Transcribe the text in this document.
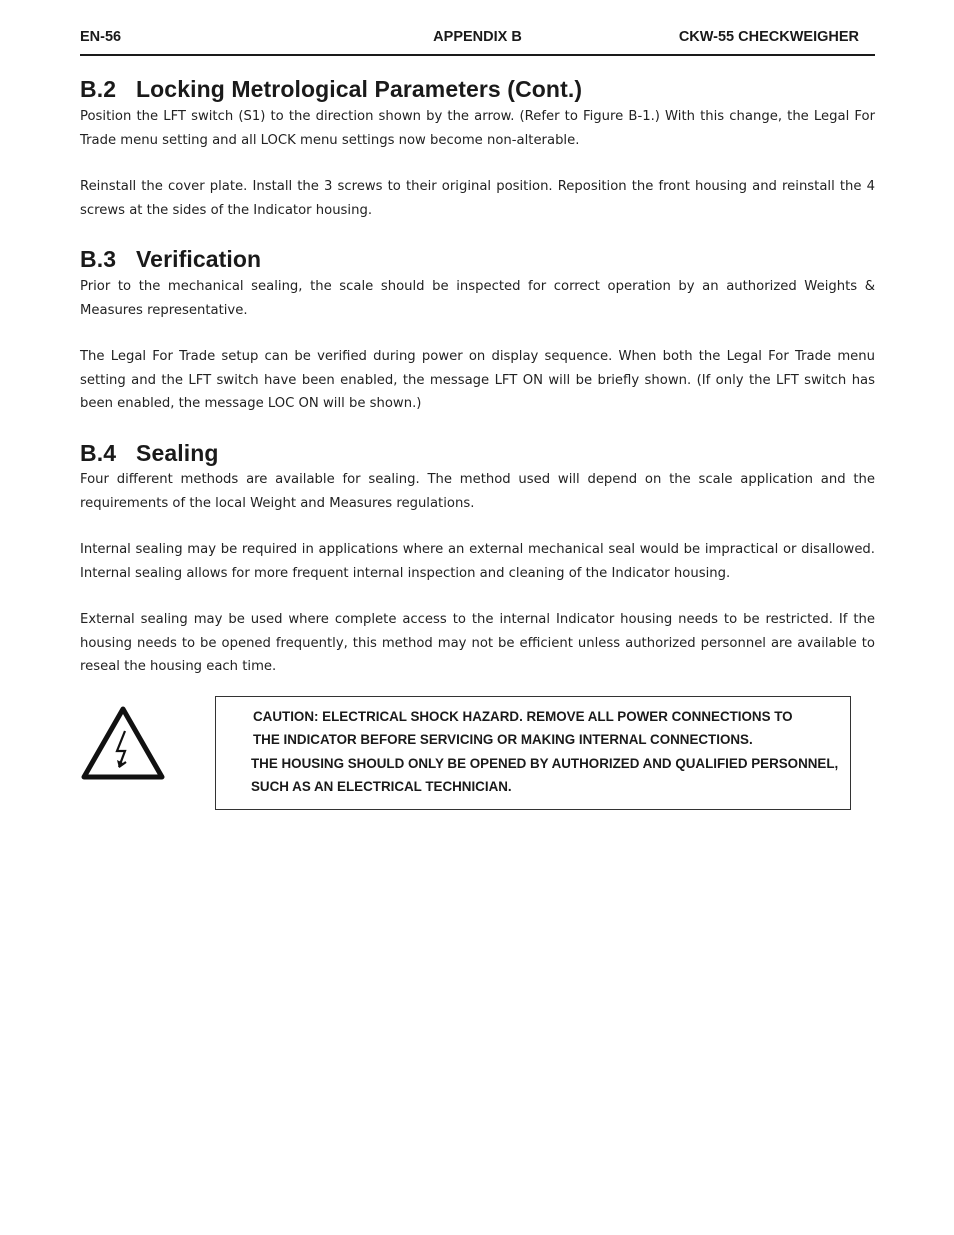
EN-56	APPENDIX B	CKW-55 CHECKWEIGHER
B.2 Locking Metrological Parameters (Cont.)

Position the LFT switch (S1) to the direction shown by the arrow. (Refer to Figure B-1.) With this change, the Legal For Trade menu setting and all LOCK menu settings now become non-alterable.

Reinstall the cover plate. Install the 3 screws to their original position. Reposition the front housing and reinstall the 4 screws at the sides of the Indicator housing.

B.3 Verification

Prior to the mechanical sealing, the scale should be inspected for correct operation by an authorized Weights & Measures representative.

The Legal For Trade setup can be verified during power on display sequence. When both the Legal For Trade menu setting and the LFT switch have been enabled, the message LFT ON will be briefly shown. (If only the LFT switch has been enabled, the message LOC ON will be shown.)

B.4 Sealing

Four different methods are available for sealing. The method used will depend on the scale application and the requirements of the local Weight and Measures regulations.

Internal sealing may be required in applications where an external mechanical seal would be impractical or disallowed. Internal sealing allows for more frequent internal inspection and cleaning of the Indicator housing.

External sealing may be used where complete access to the internal Indicator housing needs to be restricted. If the housing needs to be opened frequently, this method may not be efficient unless authorized personnel are available to reseal the housing each time.

CAUTION: ELECTRICAL SHOCK HAZARD. REMOVE ALL POWER CONNECTIONS TO
THE INDICATOR BEFORE SERVICING OR MAKING INTERNAL CONNECTIONS.
THE HOUSING SHOULD ONLY BE OPENED BY AUTHORIZED AND QUALIFIED PERSONNEL,
SUCH AS AN ELECTRICAL TECHNICIAN.
